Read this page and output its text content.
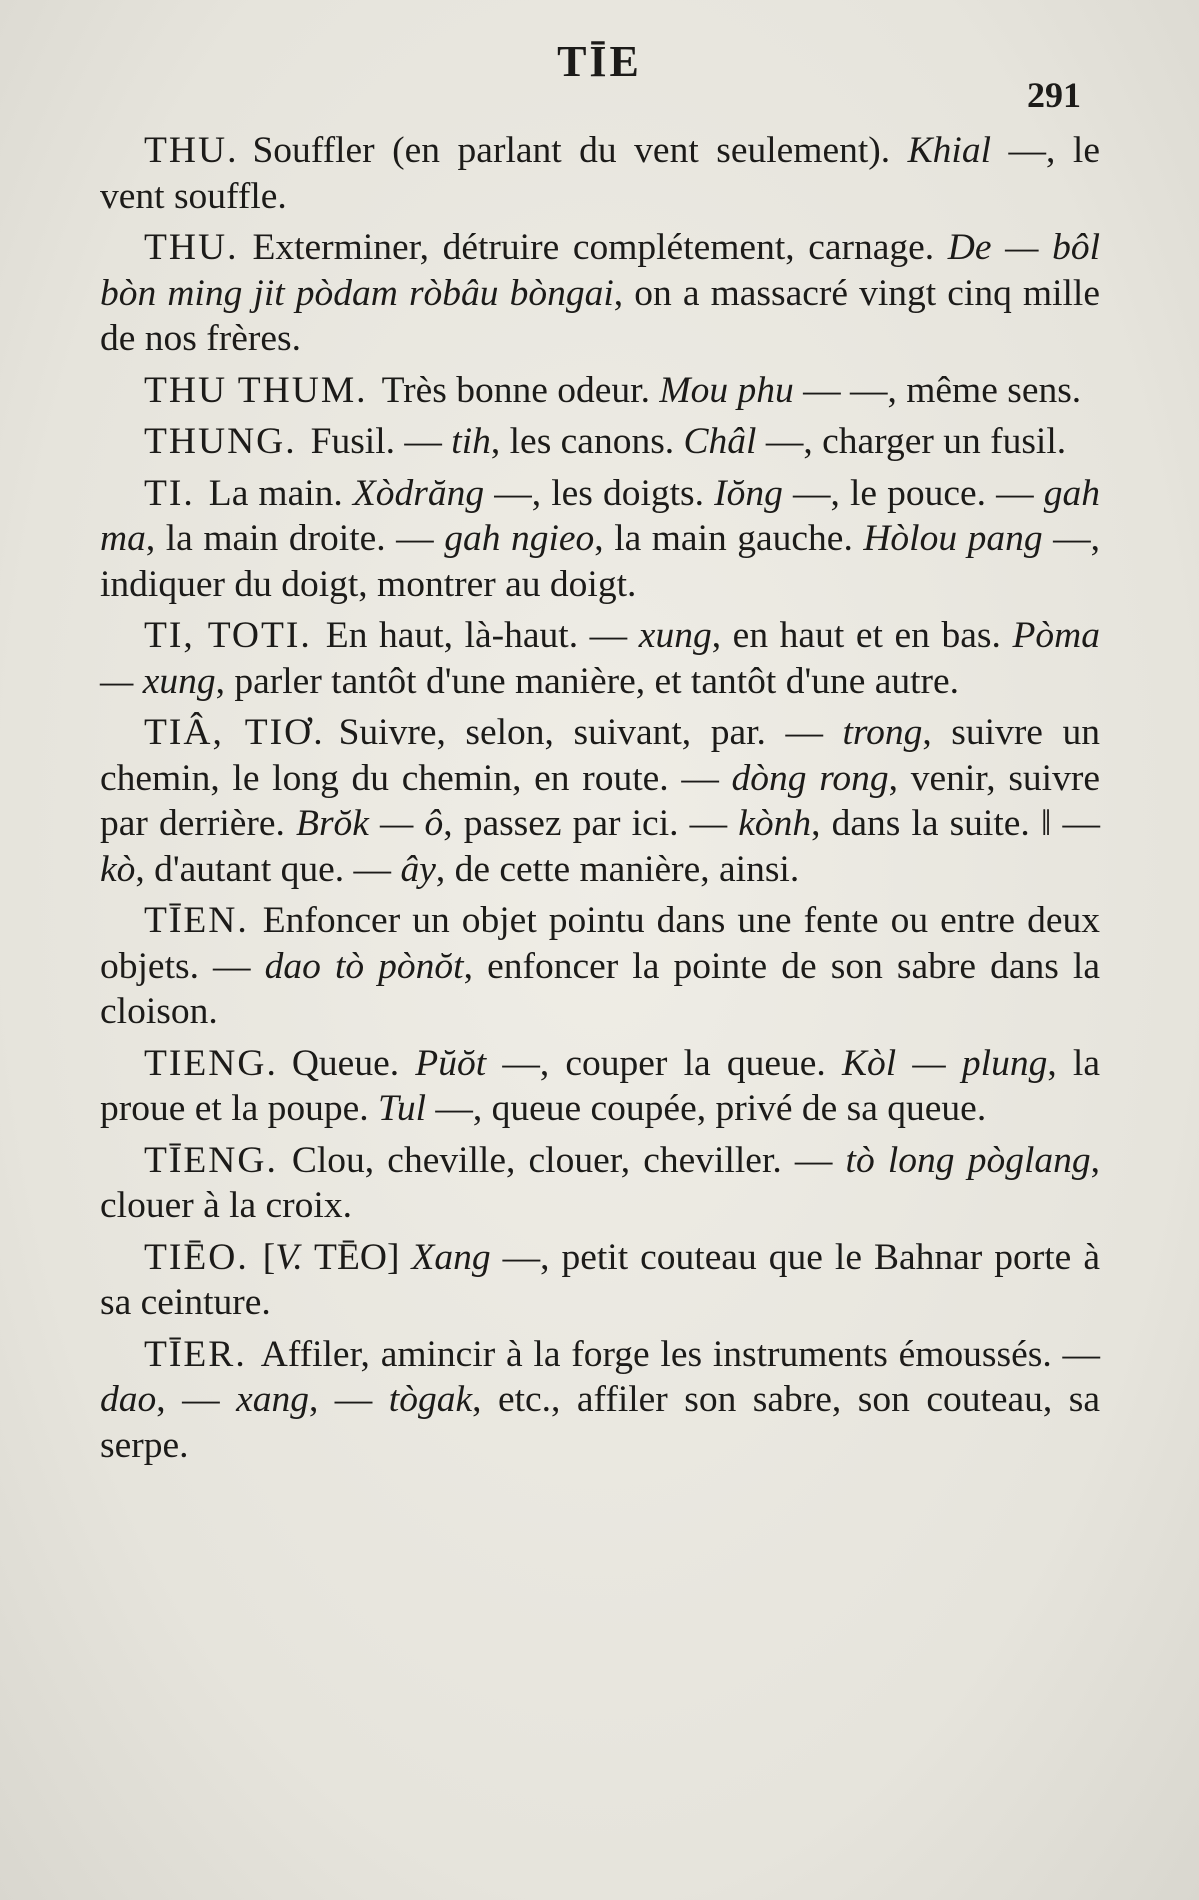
TĪE
291

THU. Souffler (en parlant du vent seulement). Khial —, le vent souffle.

THU. Exterminer, détruire complétement, carnage. De — bôl bòn ming jit pòdam ròbâu bòngai, on a massacré vingt cinq mille de nos frères.

THU THUM. Très bonne odeur. Mou phu — —, même sens.

THUNG. Fusil. — tih, les canons. Châl —, charger un fusil.

TI. La main. Xòdrăng —, les doigts. Iŏng —, le pouce. — gah ma, la main droite. — gah ngieo, la main gauche. Hòlou pang —, indiquer du doigt, montrer au doigt.

TI, TOTI. En haut, là-haut. — xung, en haut et en bas. Pòma — xung, parler tantôt d'une manière, et tantôt d'une autre.

TIÂ, TIƠ. Suivre, selon, suivant, par. — trong, suivre un chemin, le long du chemin, en route. — dòng rong, venir, suivre par derrière. Brŏk — ô, passez par ici. — kònh, dans la suite. ‖ — kò, d'autant que. — ây, de cette manière, ainsi.

TĪEN. Enfoncer un objet pointu dans une fente ou entre deux objets. — dao tò pònŏt, enfoncer la pointe de son sabre dans la cloison.

TIENG. Queue. Pŭŏt —, couper la queue. Kòl — plung, la proue et la poupe. Tul —, queue coupée, privé de sa queue.

TĪENG. Clou, cheville, clouer, cheviller. — tò long pòglang, clouer à la croix.

TIĒO. [V. TĒO] Xang —, petit couteau que le Bahnar porte à sa ceinture.

TĪER. Affiler, amincir à la forge les instruments émoussés. — dao, — xang, — tògak, etc., affiler son sabre, son couteau, sa serpe.
